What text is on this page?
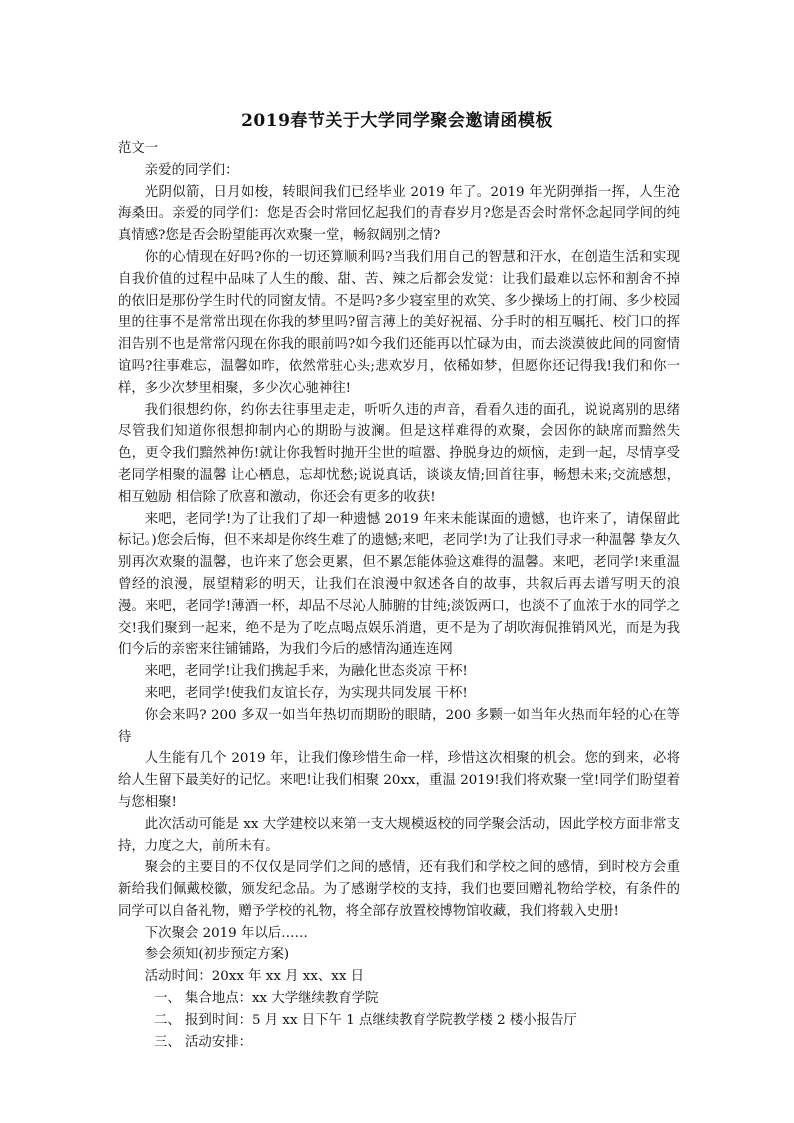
2019春节关于大学同学聚会邀请函模板

范文一

亲爱的同学们：

光阴似箭，日月如梭，转眼间我们已经毕业 2019 年了。2019 年光阴弹指一挥，人生沧海桑田。亲爱的同学们：您是否会时常回忆起我们的青春岁月?您是否会时常怀念起同学间的纯真情感?您是否会盼望能再次欢聚一堂，畅叙阔别之情?

你的心情现在好吗?你的一切还算顺利吗?当我们用自己的智慧和汗水，在创造生活和实现自我价值的过程中品味了人生的酸、甜、苦、辣之后都会发觉：让我们最难以忘怀和割舍不掉的依旧是那份学生时代的同窗友情。不是吗?多少寝室里的欢笑、多少操场上的打闹、多少校园里的往事不是常常出现在你我的梦里吗?留言薄上的美好祝福、分手时的相互嘱托、校门口的挥泪告别不也是常常闪现在你我的眼前吗?如今我们还能再以忙碌为由，而去淡漠彼此间的同窗情谊吗?往事难忘，温馨如昨，依然常驻心头;悲欢岁月，依稀如梦，但愿你还记得我!我们和你一样，多少次梦里相聚，多少次心驰神往!

我们很想约你，约你去往事里走走，听听久违的声音，看看久违的面孔，说说离别的思绪 尽管我们知道你很想抑制内心的期盼与波澜。但是这样难得的欢聚，会因你的缺席而黯然失色，更令我们黯然神伤!就让你我暂时抛开尘世的喧嚣、挣脱身边的烦恼，走到一起，尽情享受老同学相聚的温馨 让心栖息，忘却忧愁;说说真话，谈谈友情;回首往事，畅想未来;交流感想，相互勉励 相信除了欣喜和激动，你还会有更多的收获!

来吧，老同学!为了让我们了却一种遗憾 2019 年来未能谋面的遗憾，也许来了，请保留此标记。)您会后悔，但不来却是你终生难了的遗憾;来吧，老同学!为了让我们寻求一种温馨 挚友久别再次欢聚的温馨，也许来了您会更累，但不累怎能体验这难得的温馨。来吧，老同学!来重温曾经的浪漫，展望精彩的明天，让我们在浪漫中叙述各自的故事，共叙后再去谱写明天的浪漫。来吧，老同学!薄酒一杯，却品不尽沁人肺腑的甘纯;淡饭两口，也淡不了血浓于水的同学之交!我们聚到一起来，绝不是为了吃点喝点娱乐消遣，更不是为了胡吹海侃推销风光，而是为我们今后的亲密来往铺铺路，为我们今后的感情沟通连连网

来吧，老同学!让我们携起手来，为融化世态炎凉 干杯!

来吧，老同学!使我们友谊长存，为实现共同发展 干杯!

你会来吗? 200 多双一如当年热切而期盼的眼睛，200 多颗一如当年火热而年轻的心在等待

人生能有几个 2019 年，让我们像珍惜生命一样，珍惜这次相聚的机会。您的到来，必将给人生留下最美好的记忆。来吧!让我们相聚 20xx，重温 2019!我们将欢聚一堂!同学们盼望着与您相聚!

此次活动可能是 xx 大学建校以来第一支大规模返校的同学聚会活动，因此学校方面非常支持，力度之大，前所未有。

聚会的主要目的不仅仅是同学们之间的感情，还有我们和学校之间的感情，到时校方会重新给我们佩戴校徽，颁发纪念品。为了感谢学校的支持，我们也要回赠礼物给学校，有条件的同学可以自备礼物，赠予学校的礼物，将全部存放置校博物馆收藏，我们将载入史册!

下次聚会 2019 年以后……

参会须知(初步预定方案)

活动时间：20xx 年 xx 月 xx、xx 日

一、 集合地点：xx 大学继续教育学院

二、 报到时间：5 月 xx 日下午 1 点继续教育学院教学楼 2 楼小报告厅

三、 活动安排：
